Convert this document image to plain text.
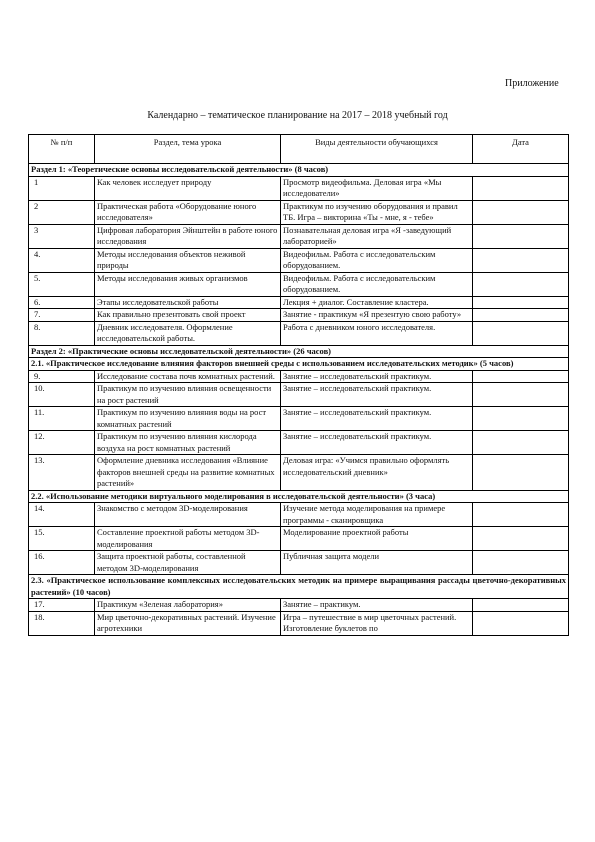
Приложение
Календарно – тематическое планирование на 2017 – 2018 учебный год
№ п/п	Раздел, тема урока	Виды деятельности обучающихся	Дата
Раздел 1: «Теоретические основы исследовательской деятельности» (8 часов)			
1	Как человек исследует природу	Просмотр видеофильма. Деловая игра «Мы исследователи»	
2	Практическая работа «Оборудование юного исследователя»	Практикум по изучению оборудования и правил ТБ. Игра – викторина «Ты - мне, я - тебе»	
3	Цифровая лаборатория Эйнштейн в работе юного исследования	Познавательная деловая игра «Я -заведующий лабораторией»	
4.	Методы исследования объектов неживой природы	Видеофильм. Работа с исследовательским оборудованием.	
5.	Методы исследования живых организмов	Видеофильм. Работа с исследовательским оборудованием.	
6.	Этапы исследовательской работы	Лекция + диалог. Составление кластера.	
7.	Как правильно презентовать свой проект	Занятие - практикум «Я презентую свою работу»	
8.	Дневник исследователя. Оформление исследовательской работы.	Работа с дневником юного исследователя.	
Раздел 2: «Практические основы исследовательской деятельности» (26 часов)			
2.1. «Практическое исследование влияния факторов внешней среды с использованием исследовательских методик» (5 часов)			
9.	Исследование состава почв комнатных растений.	Занятие – исследовательский практикум.	
10.	Практикум по изучению влияния освещенности на рост растений	Занятие – исследовательский практикум.	
11.	Практикум по изучению влияния воды на рост комнатных растений	Занятие – исследовательский практикум.	
12.	Практикум по изучению влияния кислорода воздуха на рост комнатных растений	Занятие – исследовательский практикум.	
13.	Оформление дневника исследования «Влияние факторов внешней среды на развитие комнатных растений»	Деловая игра: «Учимся правильно оформлять исследовательский дневник»	
2.2. «Использование методики виртуального моделирования в исследовательской деятельности» (3 часа)			
14.	Знакомство с методом 3D-моделирования	Изучение метода моделирования на примере программы - сканировщика	
15.	Составление проектной работы методом 3D-моделирования	Моделирование проектной работы	
16.	Защита проектной работы, составленной методом 3D-моделирования	Публичная защита модели	
2.3. «Практическое использование комплексных исследовательских методик на примере выращивания рассады цветочно-декоративных растений» (10 часов)			
17.	Практикум «Зеленая лаборатория»	Занятие – практикум.	
18.	Мир цветочно-декоративных растений. Изучение агротехники	Игра – путешествие в мир цветочных растений. Изготовление буклетов по	
